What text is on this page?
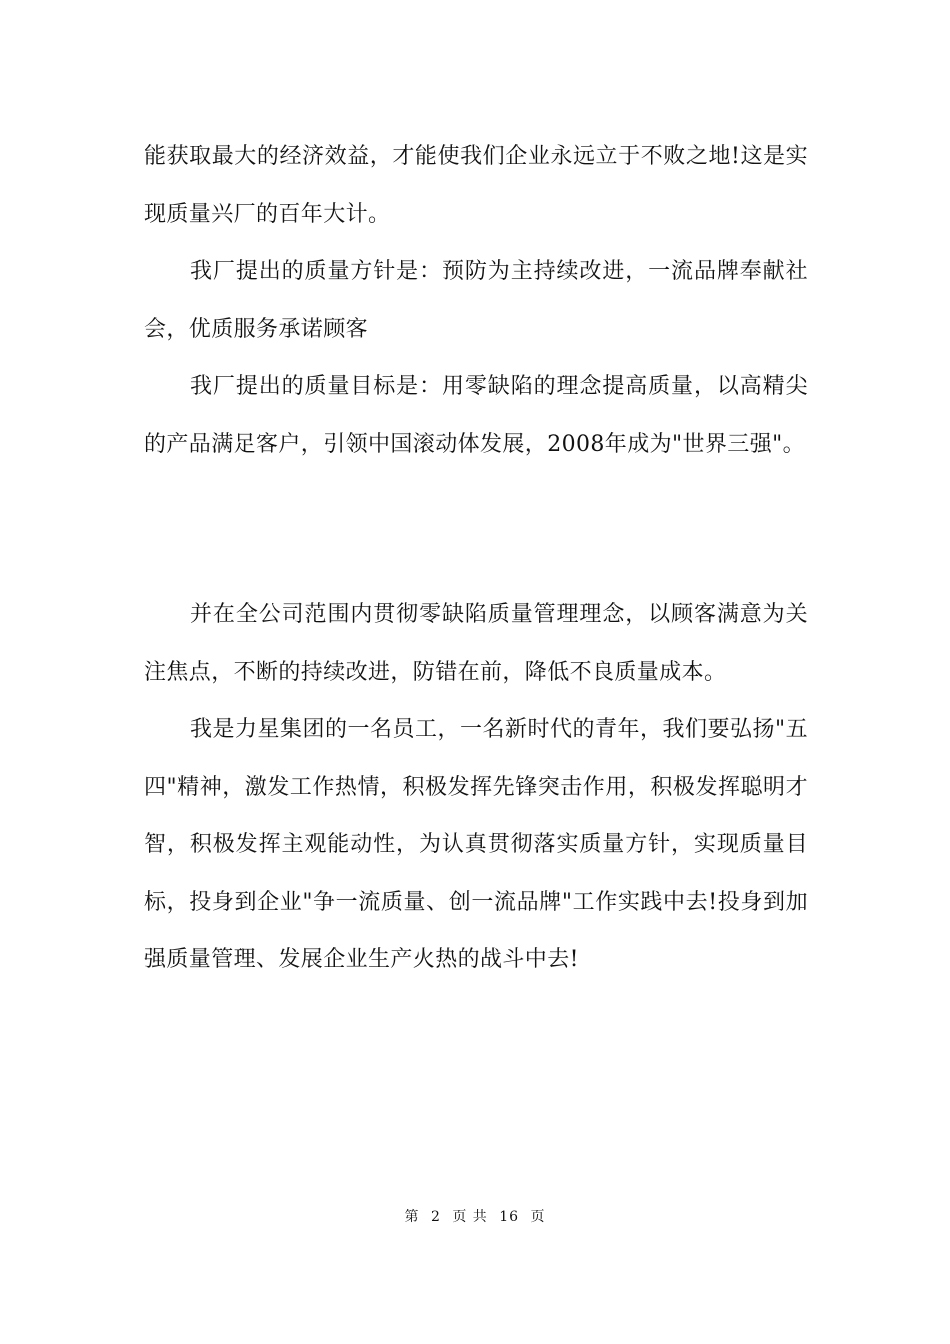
能获取最大的经济效益，才能使我们企业永远立于不败之地!这是实现质量兴厂的百年大计。

我厂提出的质量方针是：预防为主持续改进，一流品牌奉献社会，优质服务承诺顾客

我厂提出的质量目标是：用零缺陷的理念提高质量，以高精尖的产品满足客户，引领中国滚动体发展，2008年成为"世界三强"。

并在全公司范围内贯彻零缺陷质量管理理念，以顾客满意为关注焦点，不断的持续改进，防错在前，降低不良质量成本。

我是力星集团的一名员工，一名新时代的青年，我们要弘扬"五四"精神，激发工作热情，积极发挥先锋突击作用，积极发挥聪明才智，积极发挥主观能动性，为认真贯彻落实质量方针，实现质量目标，投身到企业"争一流质量、创一流品牌"工作实践中去!投身到加强质量管理、发展企业生产火热的战斗中去!

第 2 页 共 16 页
